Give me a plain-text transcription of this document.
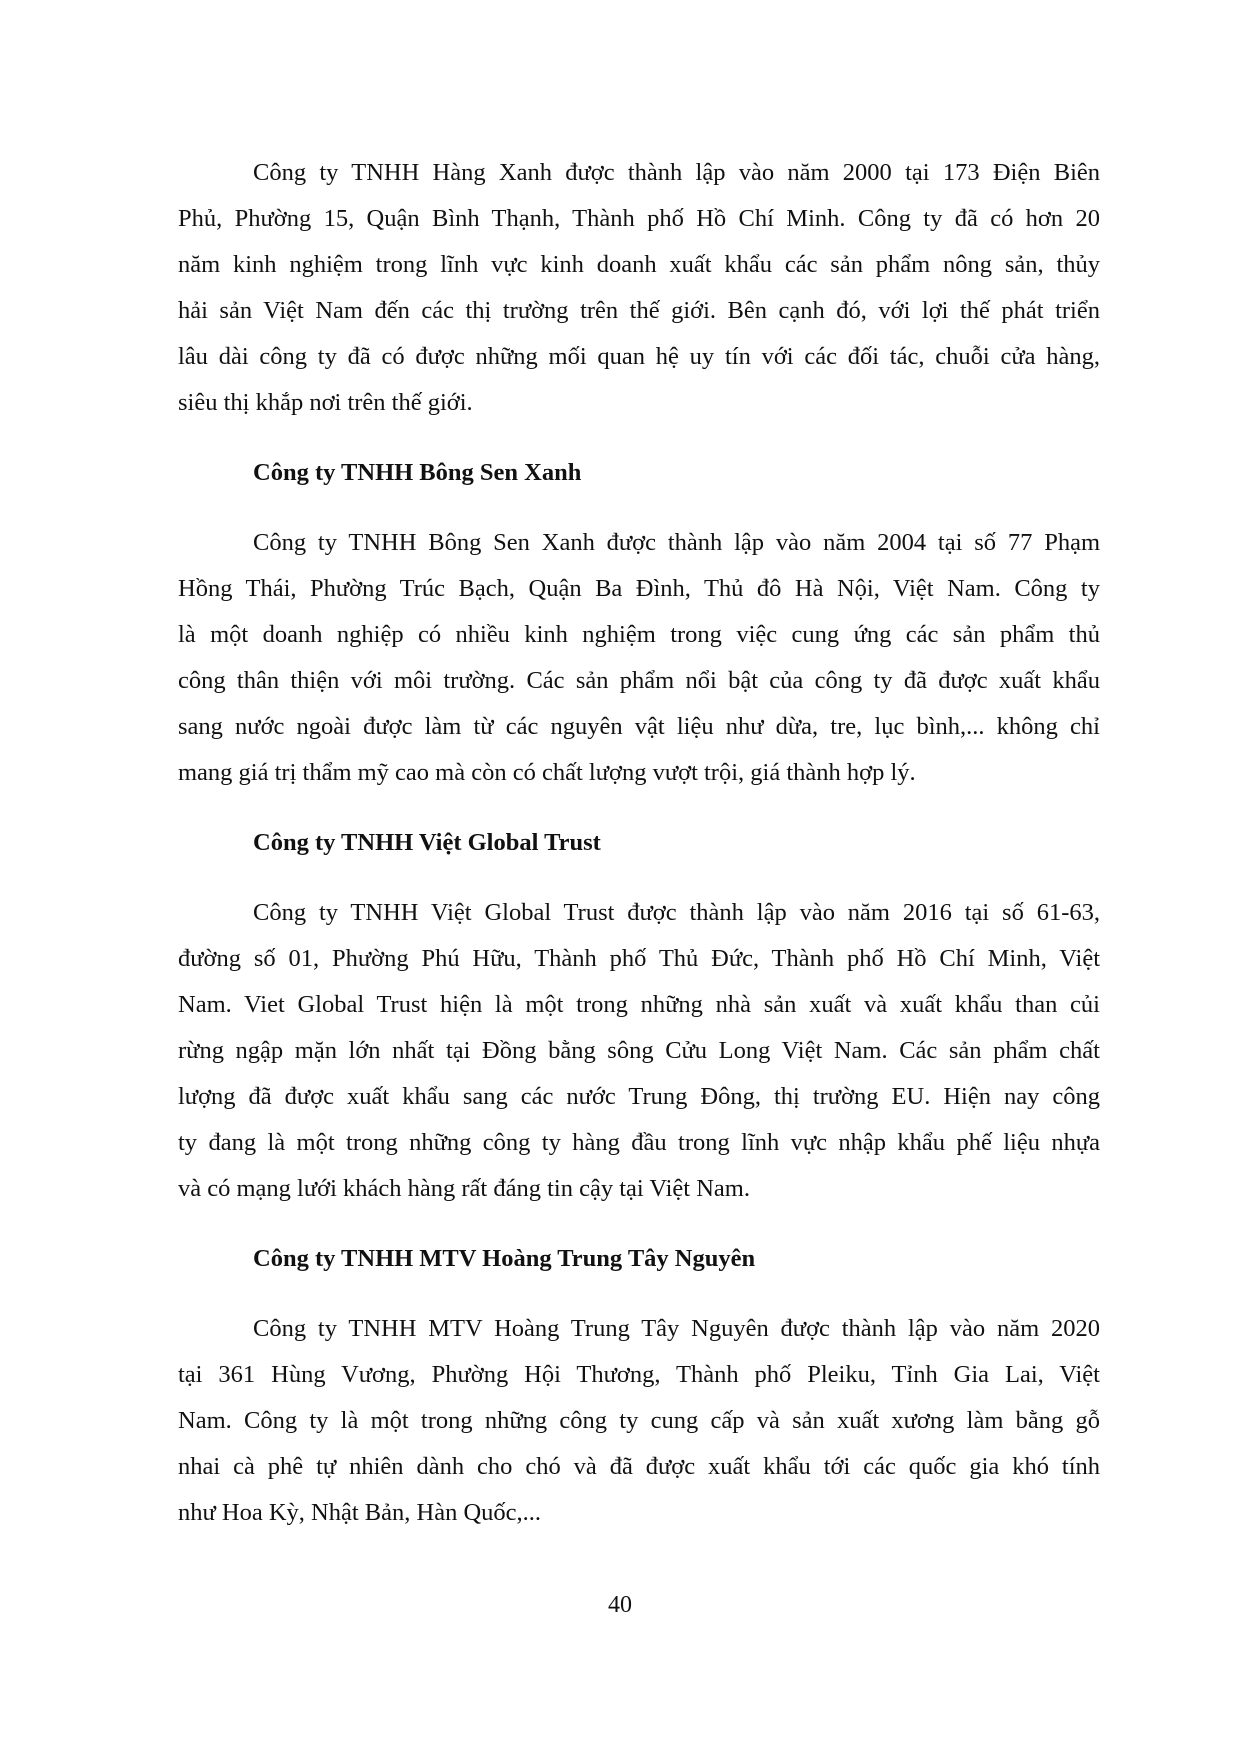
Công ty TNHH Hàng Xanh được thành lập vào năm 2000 tại 173 Điện Biên
Phủ, Phường 15, Quận Bình Thạnh, Thành phố Hồ Chí Minh. Công ty đã có hơn 20
năm kinh nghiệm trong lĩnh vực kinh doanh xuất khẩu các sản phẩm nông sản, thủy
hải sản Việt Nam đến các thị trường trên thế giới. Bên cạnh đó, với lợi thế phát triển
lâu dài công ty đã có được những mối quan hệ uy tín với các đối tác, chuỗi cửa hàng,
siêu thị khắp nơi trên thế giới.
Công ty TNHH Bông Sen Xanh
Công ty TNHH Bông Sen Xanh được thành lập vào năm 2004 tại số 77 Phạm
Hồng Thái, Phường Trúc Bạch, Quận Ba Đình, Thủ đô Hà Nội, Việt Nam. Công ty
là một doanh nghiệp có nhiều kinh nghiệm trong việc cung ứng các sản phẩm thủ
công thân thiện với môi trường. Các sản phẩm nổi bật của công ty đã được xuất khẩu
sang nước ngoài được làm từ các nguyên vật liệu như dừa, tre, lục bình,... không chỉ
mang giá trị thẩm mỹ cao mà còn có chất lượng vượt trội, giá thành hợp lý.
Công ty TNHH Việt Global Trust
Công ty TNHH Việt Global Trust được thành lập vào năm 2016 tại số 61-63,
đường số 01, Phường Phú Hữu, Thành phố Thủ Đức, Thành phố Hồ Chí Minh, Việt
Nam. Viet Global Trust hiện là một trong những nhà sản xuất và xuất khẩu than củi
rừng ngập mặn lớn nhất tại Đồng bằng sông Cửu Long Việt Nam. Các sản phẩm chất
lượng đã được xuất khẩu sang các nước Trung Đông, thị trường EU. Hiện nay công
ty đang là một trong những công ty hàng đầu trong lĩnh vực nhập khẩu phế liệu nhựa
và có mạng lưới khách hàng rất đáng tin cậy tại Việt Nam.
Công ty TNHH MTV Hoàng Trung Tây Nguyên
Công ty TNHH MTV Hoàng Trung Tây Nguyên được thành lập vào năm 2020
tại 361 Hùng Vương, Phường Hội Thương, Thành phố Pleiku, Tỉnh Gia Lai, Việt
Nam. Công ty là một trong những công ty cung cấp và sản xuất xương làm bằng gỗ
nhai cà phê tự nhiên dành cho chó và đã được xuất khẩu tới các quốc gia khó tính
như Hoa Kỳ, Nhật Bản, Hàn Quốc,...
40
